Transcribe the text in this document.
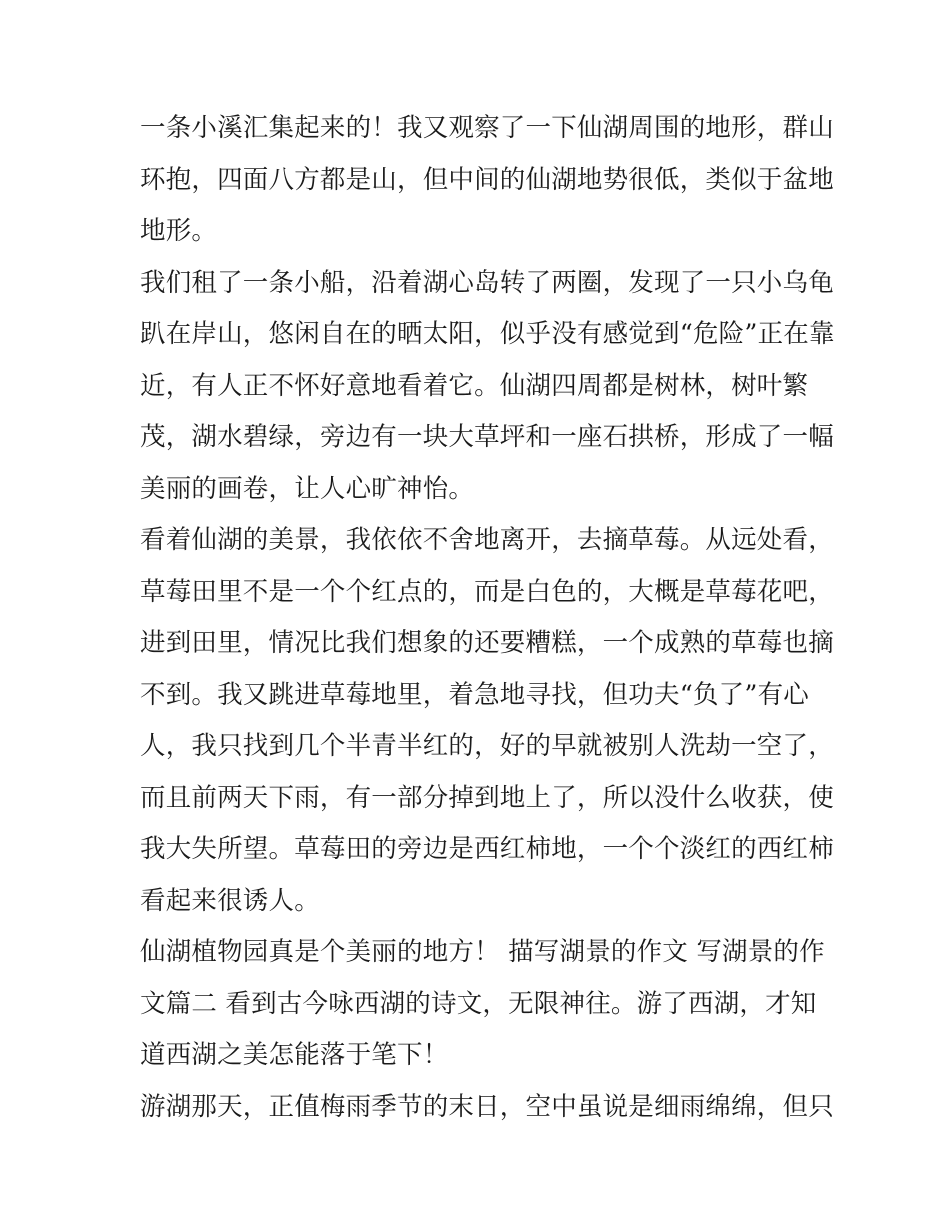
一条小溪汇集起来的！我又观察了一下仙湖周围的地形，群山
环抱，四面八方都是山，但中间的仙湖地势很低，类似于盆地
地形。
我们租了一条小船，沿着湖心岛转了两圈，发现了一只小乌龟
趴在岸山，悠闲自在的晒太阳，似乎没有感觉到“危险”正在靠
近，有人正不怀好意地看着它。仙湖四周都是树林，树叶繁
茂，湖水碧绿，旁边有一块大草坪和一座石拱桥，形成了一幅
美丽的画卷，让人心旷神怡。
看着仙湖的美景，我依依不舍地离开，去摘草莓。从远处看，
草莓田里不是一个个红点的，而是白色的，大概是草莓花吧，
进到田里，情况比我们想象的还要糟糕，一个成熟的草莓也摘
不到。我又跳进草莓地里，着急地寻找，但功夫“负了”有心
人，我只找到几个半青半红的，好的早就被别人洗劫一空了，
而且前两天下雨，有一部分掉到地上了，所以没什么收获，使
我大失所望。草莓田的旁边是西红柿地，一个个淡红的西红柿
看起来很诱人。
仙湖植物园真是个美丽的地方！ 描写湖景的作文 写湖景的作
文篇二 看到古今咏西湖的诗文，无限神往。游了西湖，才知
道西湖之美怎能落于笔下！
游湖那天，正值梅雨季节的末日，空中虽说是细雨绵绵，但只
